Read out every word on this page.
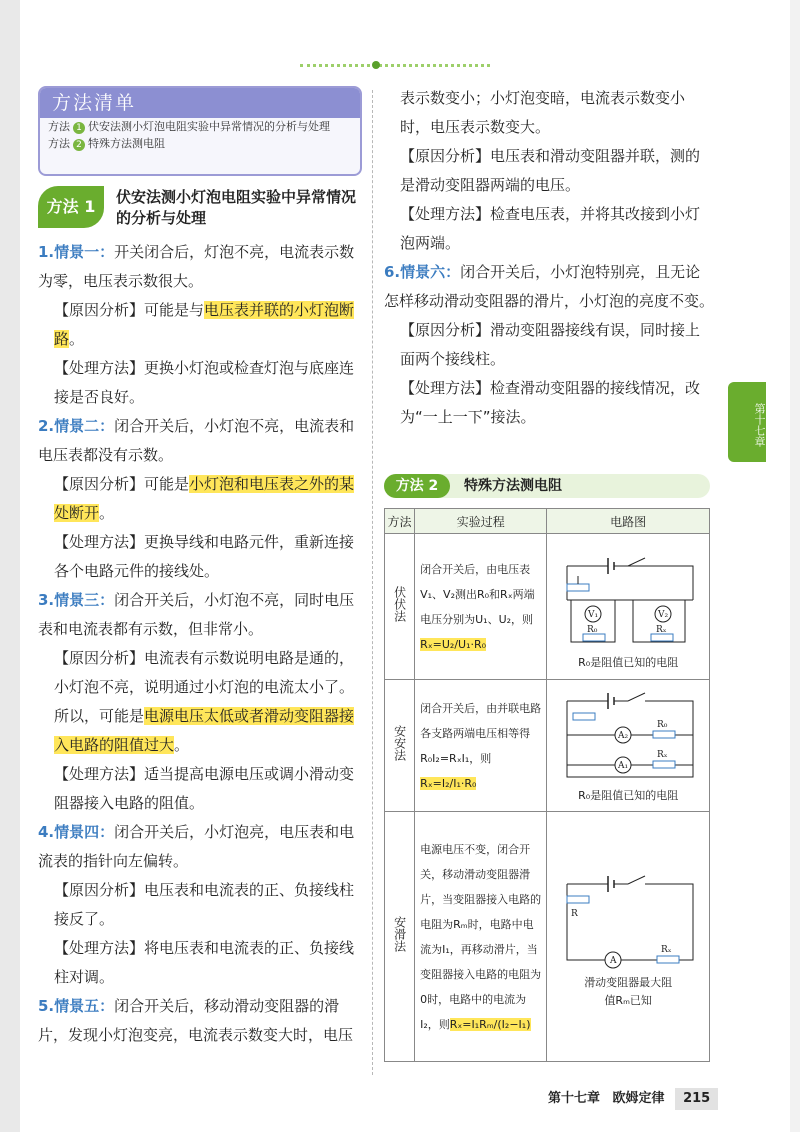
方法清单
方法 1 伏安法测小灯泡电阻实验中异常情况的分析与处理
方法 2 特殊方法测电阻
方法 1	伏安法测小灯泡电阻实验中异常情况的分析与处理

1.情景一：开关闭合后，灯泡不亮，电流表示数为零，电压表示数很大。

【原因分析】可能是与电压表并联的小灯泡断路。

【处理方法】更换小灯泡或检查灯泡与底座连接是否良好。

2.情景二：闭合开关后，小灯泡不亮，电流表和电压表都没有示数。

【原因分析】可能是小灯泡和电压表之外的某处断开。

【处理方法】更换导线和电路元件，重新连接各个电路元件的接线处。

3.情景三：闭合开关后，小灯泡不亮，同时电压表和电流表都有示数，但非常小。

【原因分析】电流表有示数说明电路是通的，小灯泡不亮，说明通过小灯泡的电流太小了。所以，可能是电源电压太低或者滑动变阻器接入电路的阻值过大。

【处理方法】适当提高电源电压或调小滑动变阻器接入电路的阻值。

4.情景四：闭合开关后，小灯泡亮，电压表和电流表的指针向左偏转。

【原因分析】电压表和电流表的正、负接线柱接反了。

【处理方法】将电压表和电流表的正、负接线柱对调。

5.情景五：闭合开关后，移动滑动变阻器的滑片，发现小灯泡变亮，电流表示数变大时，电压

表示数变小；小灯泡变暗，电流表示数变小时，电压表示数变大。

【原因分析】电压表和滑动变阻器并联，测的是滑动变阻器两端的电压。

【处理方法】检查电压表，并将其改接到小灯泡两端。

6.情景六：闭合开关后，小灯泡特别亮，且无论怎样移动滑动变阻器的滑片，小灯泡的亮度不变。

【原因分析】滑动变阻器接线有误，同时接上面两个接线柱。

【处理方法】检查滑动变阻器的接线情况，改为“一上一下”接法。

方法 2	特殊方法测电阻
方法	实验过程	电路图
伏伏法	闭合开关后，由电压表V₁、V₂测出R₀和Rₓ两端电压分别为U₁、U₂，则Rₓ=U₂/U₁·R₀	V₁ V₂
R₀ Rₓ
R₀是阻值已知的电阻

安安法	闭合开关后，由并联电路各支路两端电压相等得R₀I₂=RₓI₁，则Rₓ=I₂/I₁·R₀	A₂
A₁
R₀
Rₓ
R₀是阻值已知的电阻

安滑法	电源电压不变，闭合开关，移动滑动变阻器滑片，当变阻器接入电路的电阻为Rₘ时，电路中电流为I₁，再移动滑片，当变阻器接入电路的电阻为0时，电路中的电流为I₂，则Rₓ=I₁Rₘ/(I₂−I₁)	R
A
Rₓ
滑动变阻器最大阻值Rₘ已知
第十七章
第十七章 欧姆定律 215
